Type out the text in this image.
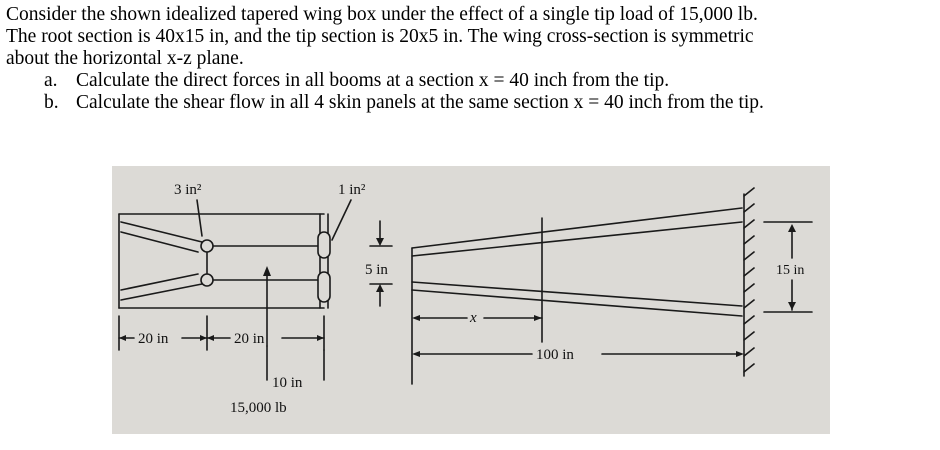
Consider the shown idealized tapered wing box under the effect of a single tip load of 15,000 lb.

The root section is 40x15 in, and the tip section is 20x5 in. The wing cross-section is symmetric

about the horizontal x-z plane.

a. Calculate the direct forces in all booms at a section x = 40 inch from the tip.
b. Calculate the shear flow in all 4 skin panels at the same section x = 40 inch from the tip.
3 in²	1 in²
20 in	20 in
10 in
15,000 lb
5 in	15 in
x
100 in
